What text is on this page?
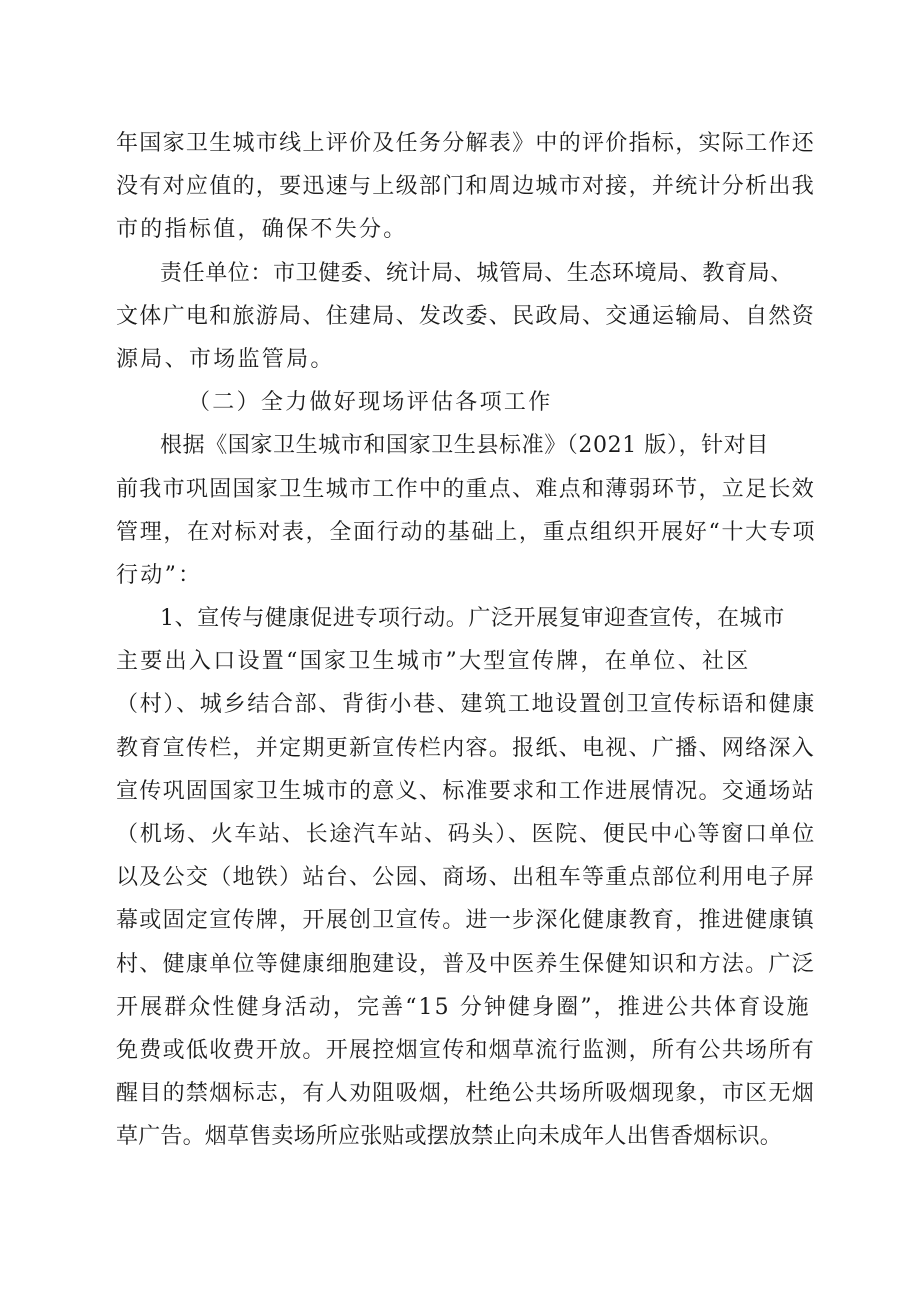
年国家卫生城市线上评价及任务分解表》中的评价指标，实际工作还
没有对应值的，要迅速与上级部门和周边城市对接，并统计分析出我
市的指标值，确保不失分。
责任单位：市卫健委、统计局、城管局、生态环境局、教育局、
文体广电和旅游局、住建局、发改委、民政局、交通运输局、自然资
源局、市场监管局。
（二）全力做好现场评估各项工作
根据《国家卫生城市和国家卫生县标准》（2021 版），针对目
前我市巩固国家卫生城市工作中的重点、难点和薄弱环节，立足长效
管理，在对标对表，全面行动的基础上，重点组织开展好“十大专项
行动”：
1、宣传与健康促进专项行动。广泛开展复审迎查宣传，在城市
主要出入口设置“国家卫生城市”大型宣传牌，在单位、社区
（村）、城乡结合部、背街小巷、建筑工地设置创卫宣传标语和健康
教育宣传栏，并定期更新宣传栏内容。报纸、电视、广播、网络深入
宣传巩固国家卫生城市的意义、标准要求和工作进展情况。交通场站
（机场、火车站、长途汽车站、码头）、医院、便民中心等窗口单位
以及公交（地铁）站台、公园、商场、出租车等重点部位利用电子屏
幕或固定宣传牌，开展创卫宣传。进一步深化健康教育，推进健康镇
村、健康单位等健康细胞建设，普及中医养生保健知识和方法。广泛
开展群众性健身活动，完善“15 分钟健身圈”，推进公共体育设施
免费或低收费开放。开展控烟宣传和烟草流行监测，所有公共场所有
醒目的禁烟标志，有人劝阻吸烟，杜绝公共场所吸烟现象，市区无烟
草广告。烟草售卖场所应张贴或摆放禁止向未成年人出售香烟标识。
